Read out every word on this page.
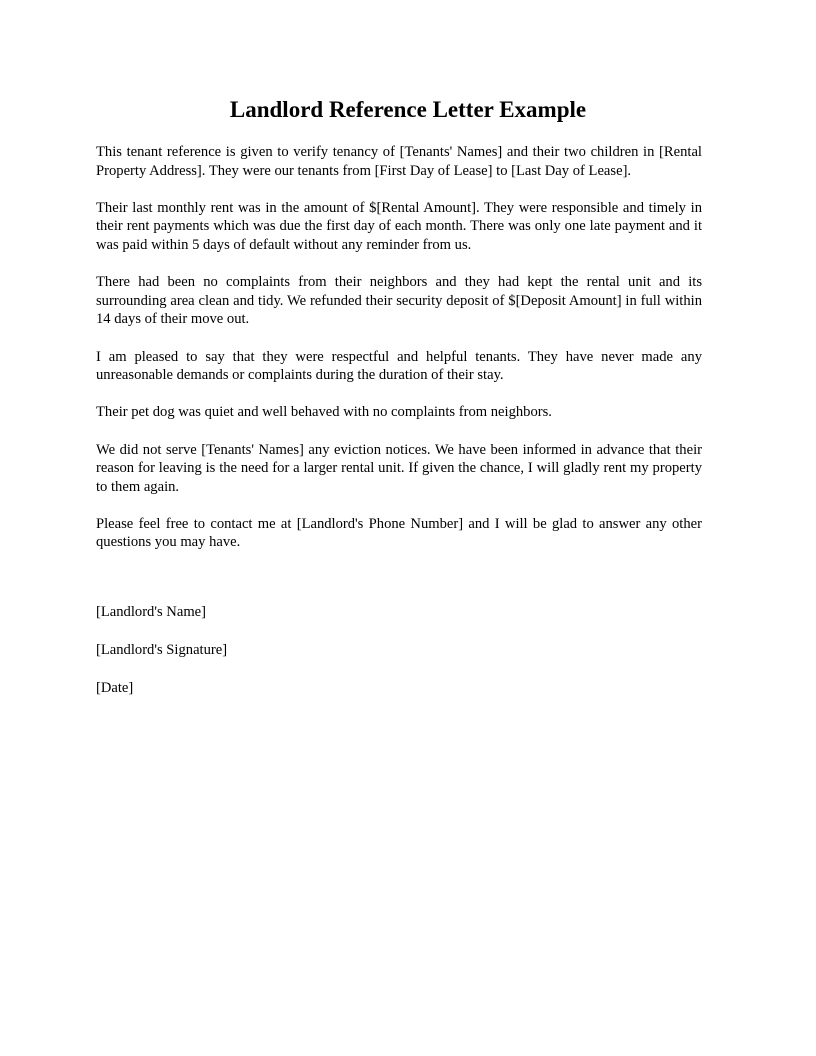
Landlord Reference Letter Example

This tenant reference is given to verify tenancy of [Tenants' Names] and their two children in [Rental Property Address]. They were our tenants from [First Day of Lease] to [Last Day of Lease].

Their last monthly rent was in the amount of $[Rental Amount]. They were responsible and timely in their rent payments which was due the first day of each month. There was only one late payment and it was paid within 5 days of default without any reminder from us.

There had been no complaints from their neighbors and they had kept the rental unit and its surrounding area clean and tidy. We refunded their security deposit of $[Deposit Amount] in full within 14 days of their move out.

I am pleased to say that they were respectful and helpful tenants. They have never made any unreasonable demands or complaints during the duration of their stay.

Their pet dog was quiet and well behaved with no complaints from neighbors.

We did not serve [Tenants' Names] any eviction notices. We have been informed in advance that their reason for leaving is the need for a larger rental unit. If given the chance, I will gladly rent my property to them again.

Please feel free to contact me at [Landlord's Phone Number] and I will be glad to answer any other questions you may have.

[Landlord's Name]

[Landlord's Signature]

[Date]
